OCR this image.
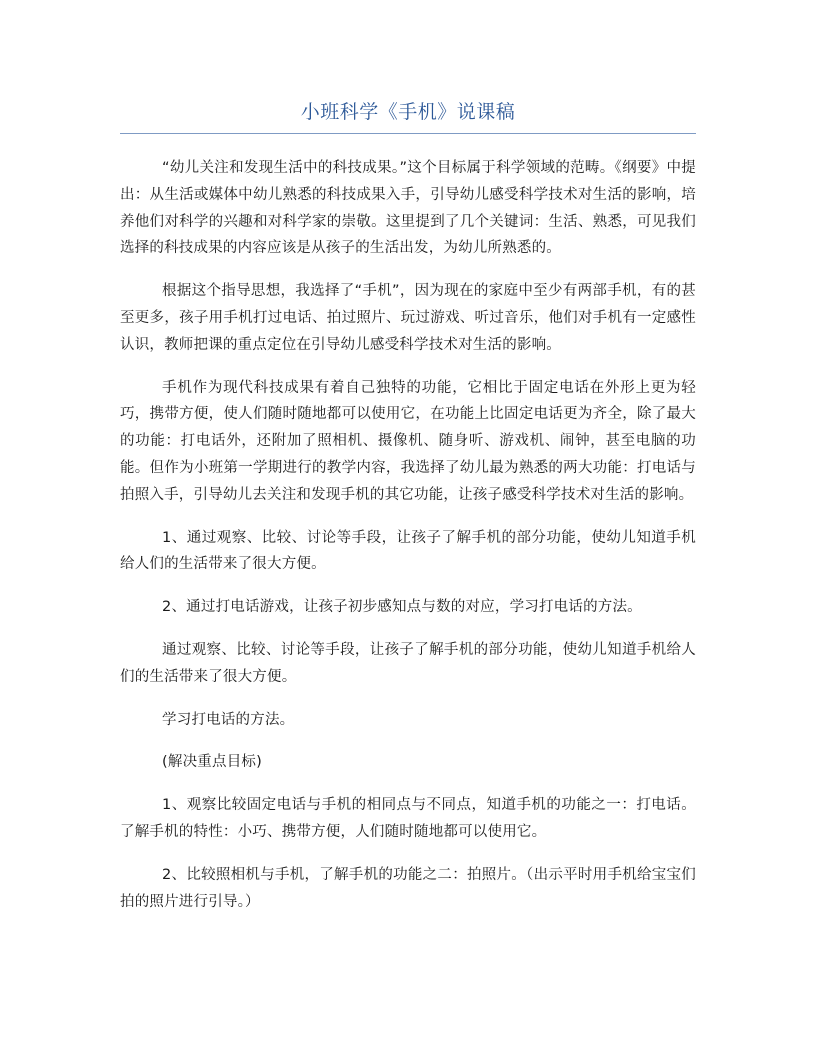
小班科学《手机》说课稿

“幼儿关注和发现生活中的科技成果。”这个目标属于科学领域的范畴。《纲要》中提出：从生活或媒体中幼儿熟悉的科技成果入手，引导幼儿感受科学技术对生活的影响，培养他们对科学的兴趣和对科学家的崇敬。这里提到了几个关键词：生活、熟悉，可见我们选择的科技成果的内容应该是从孩子的生活出发，为幼儿所熟悉的。

根据这个指导思想，我选择了“手机”，因为现在的家庭中至少有两部手机，有的甚至更多，孩子用手机打过电话、拍过照片、玩过游戏、听过音乐，他们对手机有一定感性认识，教师把课的重点定位在引导幼儿感受科学技术对生活的影响。

手机作为现代科技成果有着自己独特的功能，它相比于固定电话在外形上更为轻巧，携带方便，使人们随时随地都可以使用它，在功能上比固定电话更为齐全，除了最大的功能：打电话外，还附加了照相机、摄像机、随身听、游戏机、闹钟，甚至电脑的功能。但作为小班第一学期进行的教学内容，我选择了幼儿最为熟悉的两大功能：打电话与拍照入手，引导幼儿去关注和发现手机的其它功能，让孩子感受科学技术对生活的影响。

1、通过观察、比较、讨论等手段，让孩子了解手机的部分功能，使幼儿知道手机给人们的生活带来了很大方便。

2、通过打电话游戏，让孩子初步感知点与数的对应，学习打电话的方法。

通过观察、比较、讨论等手段，让孩子了解手机的部分功能，使幼儿知道手机给人们的生活带来了很大方便。

学习打电话的方法。

(解决重点目标)

1、观察比较固定电话与手机的相同点与不同点，知道手机的功能之一：打电话。了解手机的特性：小巧、携带方便，人们随时随地都可以使用它。

2、比较照相机与手机，了解手机的功能之二：拍照片。（出示平时用手机给宝宝们拍的照片进行引导。）
